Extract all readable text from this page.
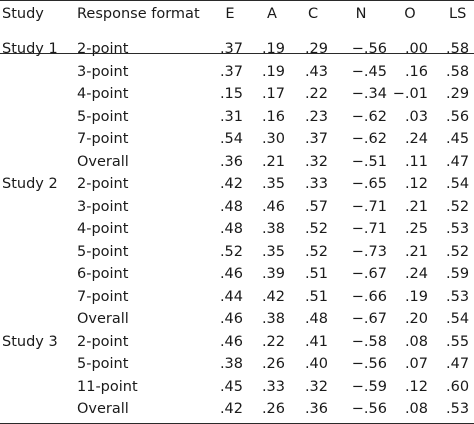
Study Response format	E	A	C	N	O LS
Study 1 2-point	.37	.19	.29	−.56	.00 .58
3-point	.37	.19	.43	−.45	.16 .58
4-point	.15	.17	.22	−.34 −.01 .29
5-point	.31	.16	.23	−.62	.03 .56
7-point	.54	.30	.37	−.62	.24 .45
Overall	.36	.21	.32	−.51	.11 .47
Study 2 2-point	.42	.35	.33	−.65	.12 .54
3-point	.48	.46	.57	−.71	.21 .52
4-point	.48	.38	.52	−.71	.25 .53
5-point	.52	.35	.52	−.73	.21 .52
6-point	.46	.39	.51	−.67	.24 .59
7-point	.44	.42	.51	−.66	.19 .53
Overall	.46	.38	.48	−.67	.20 .54
Study 3 2-point	.46	.22	.41	−.58	.08 .55
5-point	.38	.26	.40	−.56	.07 .47
11-point	.45	.33	.32	−.59	.12 .60
Overall	.42	.26	.36	−.56	.08 .53
